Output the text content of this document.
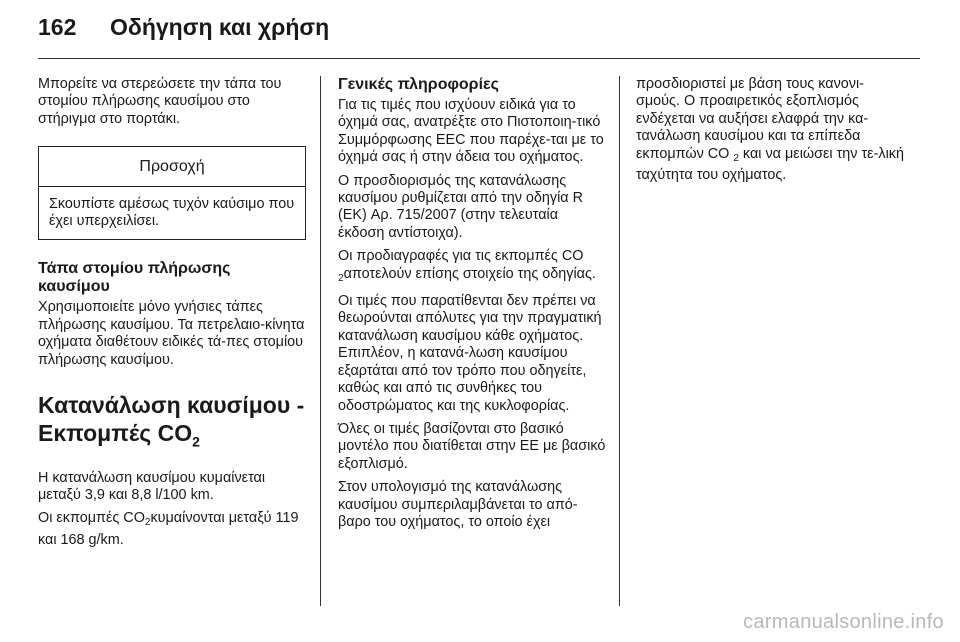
162	Οδήγηση και χρήση

Μπορείτε να στερεώσετε την τάπα του στομίου πλήρωσης καυσίμου στο στήριγμα στο πορτάκι.

Προσοχή
Σκουπίστε αμέσως τυχόν καύσιμο που έχει υπερχειλίσει.
Τάπα στομίου πλήρωσης καυσίμου

Χρησιμοποιείτε μόνο γνήσιες τάπες πλήρωσης καυσίμου. Τα πετρελαιο-κίνητα οχήματα διαθέτουν ειδικές τά-πες στομίου πλήρωσης καυσίμου.

Κατανάλωση καυσίμου - Εκπομπές $CO_2$

Η κατανάλωση καυσίμου κυμαίνεται μεταξύ 3,9 και 8,8 l/100 km.

Οι εκπομπές $CO_2\kappa\upsilon\mu\alpha ί\nu o\nu\tau\alpha\iota$ μεταξύ 119 και 168 g/km.

Γενικές πληροφορίες

Για τις τιμές που ισχύουν ειδικά για το όχημά σας, ανατρέξτε στο Πιστοποιη-τικό Συμμόρφωσης EEC που παρέχε-ται με το όχημά σας ή στην άδεια του οχήματος.

Ο προσδιορισμός της κατανάλωσης καυσίμου ρυθμίζεται από την οδηγία R (ΕΚ) Αρ. 715/2007 (στην τελευταία έκδοση αντίστοιχα).

Οι προδιαγραφές για τις εκπομπές CO $_2$αποτελούν επίσης στοιχείο της οδηγίας.

Οι τιμές που παρατίθενται δεν πρέπει να θεωρούνται απόλυτες για την πραγματική κατανάλωση καυσίμου κάθε οχήματος. Επιπλέον, η κατανά-λωση καυσίμου εξαρτάται από τον τρόπο που οδηγείτε, καθώς και από τις συνθήκες του οδοστρώματος και της κυκλοφορίας.

Όλες οι τιμές βασίζονται στο βασικό μοντέλο που διατίθεται στην ΕΕ με βασικό εξοπλισμό.

Στον υπολογισμό της κατανάλωσης καυσίμου συμπεριλαμβάνεται το από-βαρο του οχήματος, το οποίο έχει

προσδιοριστεί με βάση τους κανονι-σμούς. Ο προαιρετικός εξοπλισμός ενδέχεται να αυξήσει ελαφρά την κα-τανάλωση καυσίμου και τα επίπεδα εκπομπών CO $_2$ και να μειώσει την τε-λική ταχύτητα του οχήματος.

carmanualsonline.info
